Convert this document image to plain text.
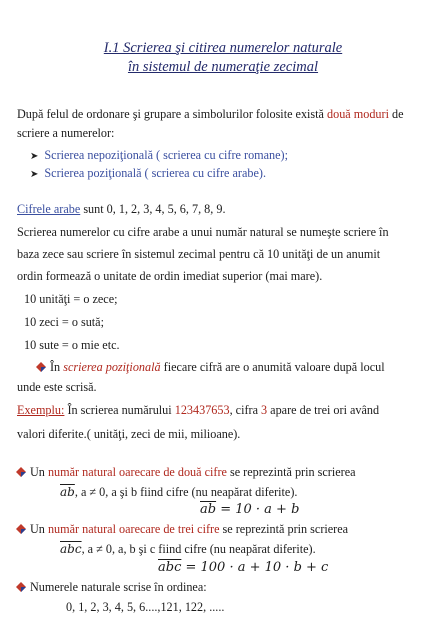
I.1 Scrierea şi citirea numerelor naturale
în sistemul de numeraţie zecimal
După felul de ordonare şi grupare a simbolurilor folosite există două moduri de
scriere a numerelor:
➤ Scrierea nepoziţională ( scrierea cu cifre romane);
➤ Scrierea poziţională ( scrierea cu cifre arabe).
Cifrele arabe sunt 0, 1, 2, 3, 4, 5, 6, 7, 8, 9.
Scrierea numerelor cu cifre arabe a unui număr natural se numeşte scriere în
baza zece sau scriere în sistemul zecimal pentru că 10 unităţi de un anumit
ordin formează o unitate de ordin imediat superior (mai mare).
10 unităţi = o zece;
10 zeci = o sută;
10 sute = o mie etc.
În scrierea poziţională fiecare cifră are o anumită valoare după locul
unde este scrisă.
Exemplu: În scrierea numărului 123437653, cifra 3 apare de trei ori având
valori diferite.( unităţi, zeci de mii, milioane).
Un număr natural oarecare de două cifre se reprezintă prin scrierea
$\overline{ab}$, a ≠ 0, a şi b fiind cifre (nu neapărat diferite).
$\overline{ab} = 10 \cdot a + b$
Un număr natural oarecare de trei cifre se reprezintă prin scrierea
$\overline{abc}$, a ≠ 0, a, b şi c fiind cifre (nu neapărat diferite).
$\overline{abc} = 100 \cdot a + 10 \cdot b + c$
Numerele naturale scrise în ordinea:
0, 1, 2, 3, 4, 5, 6....,121, 122, .....
